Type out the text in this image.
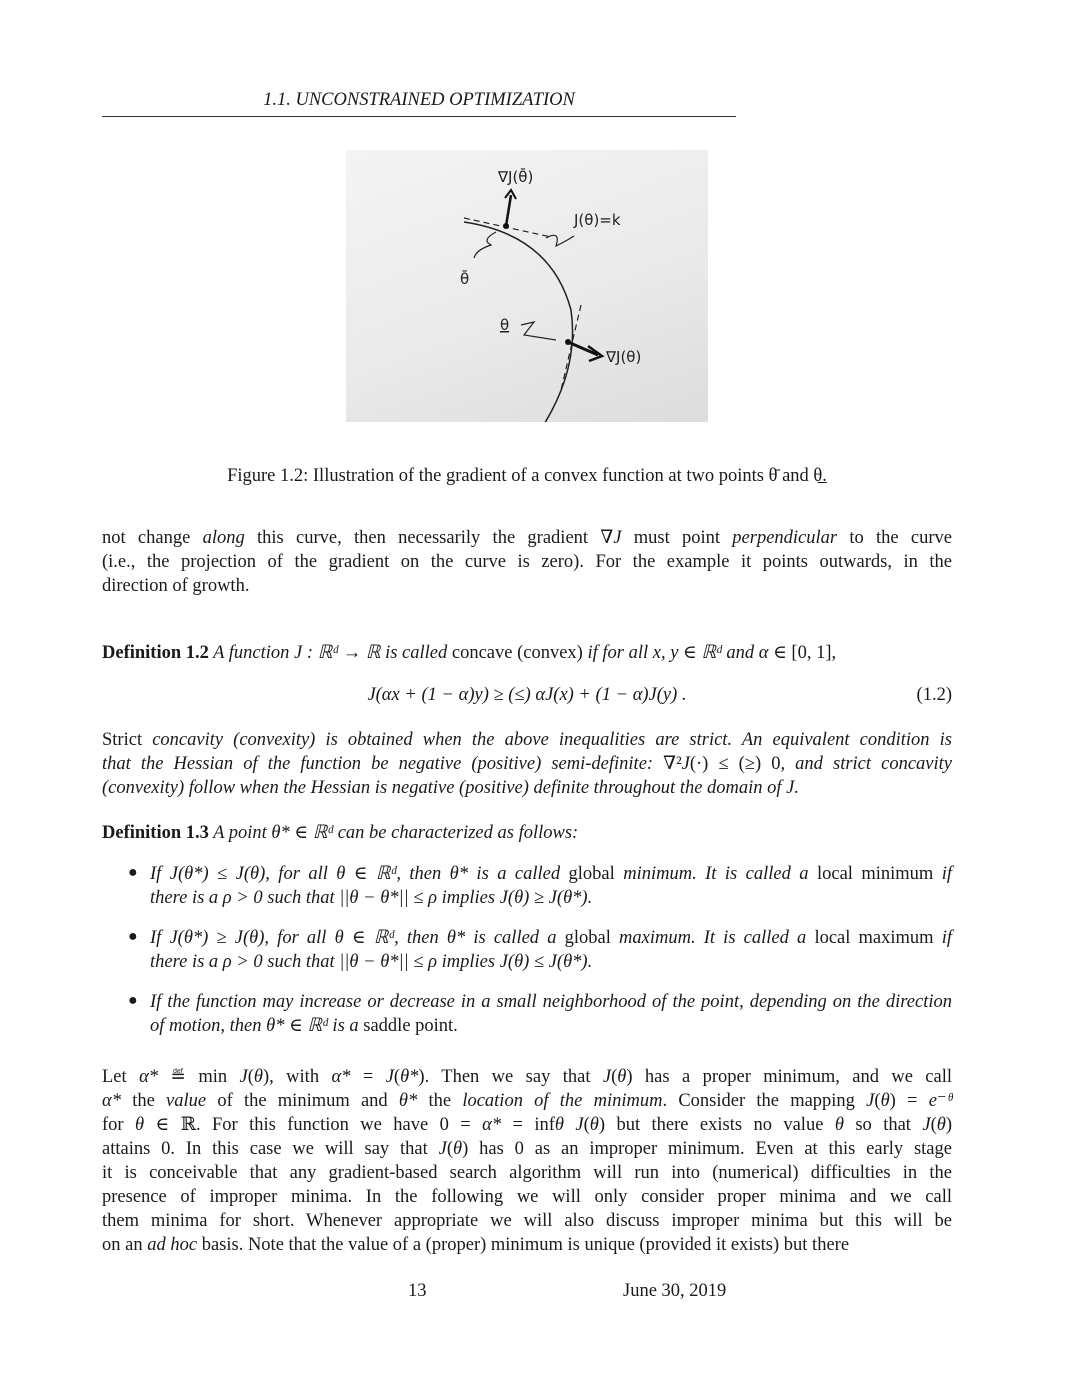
1.1. UNCONSTRAINED OPTIMIZATION
∇J(θ̄)
J(θ)=k
θ̄
θ
∇J(θ)
Figure 1.2: Illustration of the gradient of a convex function at two points θ̄ and θ̲.
J(αx + (1 − α)y) ≥ (≤) αJ(x) + (1 − α)J(y) .	(1.2)
13	June 30, 2019
not change along this curve, then necessarily the gradient ∇J must point perpendicular to the curve
(i.e., the projection of the gradient on the curve is zero). For the example it points outwards, in the
direction of growth.
Definition 1.2 A function J : ℝᵈ → ℝ is called concave (convex) if for all x, y ∈ ℝᵈ and α ∈ [0, 1],
Strict concavity (convexity) is obtained when the above inequalities are strict. An equivalent condition is
that the Hessian of the function be negative (positive) semi-definite: ∇²J(·) ≤ (≥) 0, and strict concavity
(convexity) follow when the Hessian is negative (positive) definite throughout the domain of J.
Definition 1.3 A point θ* ∈ ℝᵈ can be characterized as follows:
● If J(θ*) ≤ J(θ), for all θ ∈ ℝᵈ, then θ* is a called global minimum. It is called a local minimum if
there is a ρ > 0 such that ||θ − θ*|| ≤ ρ implies J(θ) ≥ J(θ*).
● If J(θ*) ≥ J(θ), for all θ ∈ ℝᵈ, then θ* is called a global maximum. It is called a local maximum if
there is a ρ > 0 such that ||θ − θ*|| ≤ ρ implies J(θ) ≤ J(θ*).
● If the function may increase or decrease in a small neighborhood of the point, depending on the direction
of motion, then θ* ∈ ℝᵈ is a saddle point.
Let α* ≝ min J(θ), with α* = J(θ*). Then we say that J(θ) has a proper minimum, and we call
α* the value of the minimum and θ* the location of the minimum. Consider the mapping J(θ) = e⁻ᶿ
for θ ∈ ℝ. For this function we have 0 = α* = infθ J(θ) but there exists no value θ so that J(θ)
attains 0. In this case we will say that J(θ) has 0 as an improper minimum. Even at this early stage
it is conceivable that any gradient-based search algorithm will run into (numerical) difficulties in the
presence of improper minima. In the following we will only consider proper minima and we call
them minima for short. Whenever appropriate we will also discuss improper minima but this will be
on an ad hoc basis. Note that the value of a (proper) minimum is unique (provided it exists) but there
